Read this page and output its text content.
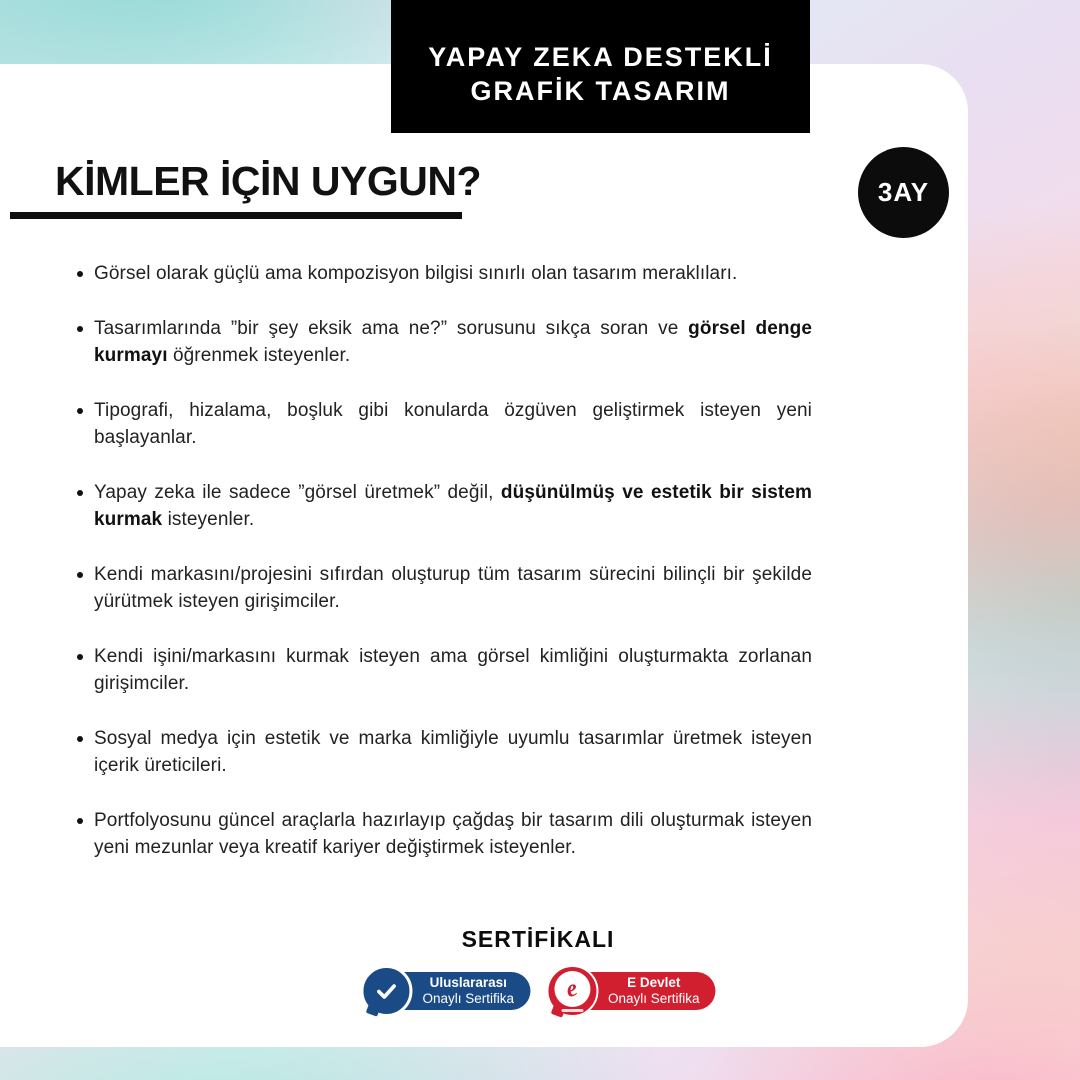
YAPAY ZEKA DESTEKLİ
GRAFİK TASARIM
KİMLER İÇİN UYGUN?	3AY
Görsel olarak güçlü ama kompozisyon bilgisi sınırlı olan tasarım meraklıları.
Tasarımlarında ”bir şey eksik ama ne?” sorusunu sıkça soran ve görsel denge kurmayı öğrenmek isteyenler.
Tipografi, hizalama, boşluk gibi konularda özgüven geliştirmek isteyen yeni başlayanlar.
Yapay zeka ile sadece ”görsel üretmek” değil, düşünülmüş ve estetik bir sistem kurmak isteyenler.
Kendi markasını/projesini sıfırdan oluşturup tüm tasarım sürecini bilinçli bir şekilde yürütmek isteyen girişimciler.
Kendi işini/markasını kurmak isteyen ama görsel kimliğini oluşturmakta zorlanan girişimciler.
Sosyal medya için estetik ve marka kimliğiyle uyumlu tasarımlar üretmek isteyen içerik üreticileri.
Portfolyosunu güncel araçlarla hazırlayıp çağdaş bir tasarım dili oluşturmak isteyen yeni mezunlar veya kreatif kariyer değiştirmek isteyenler.
SERTİFİKALI
Uluslararası
Onaylı Sertifika e	E Devlet
Onaylı Sertifika
